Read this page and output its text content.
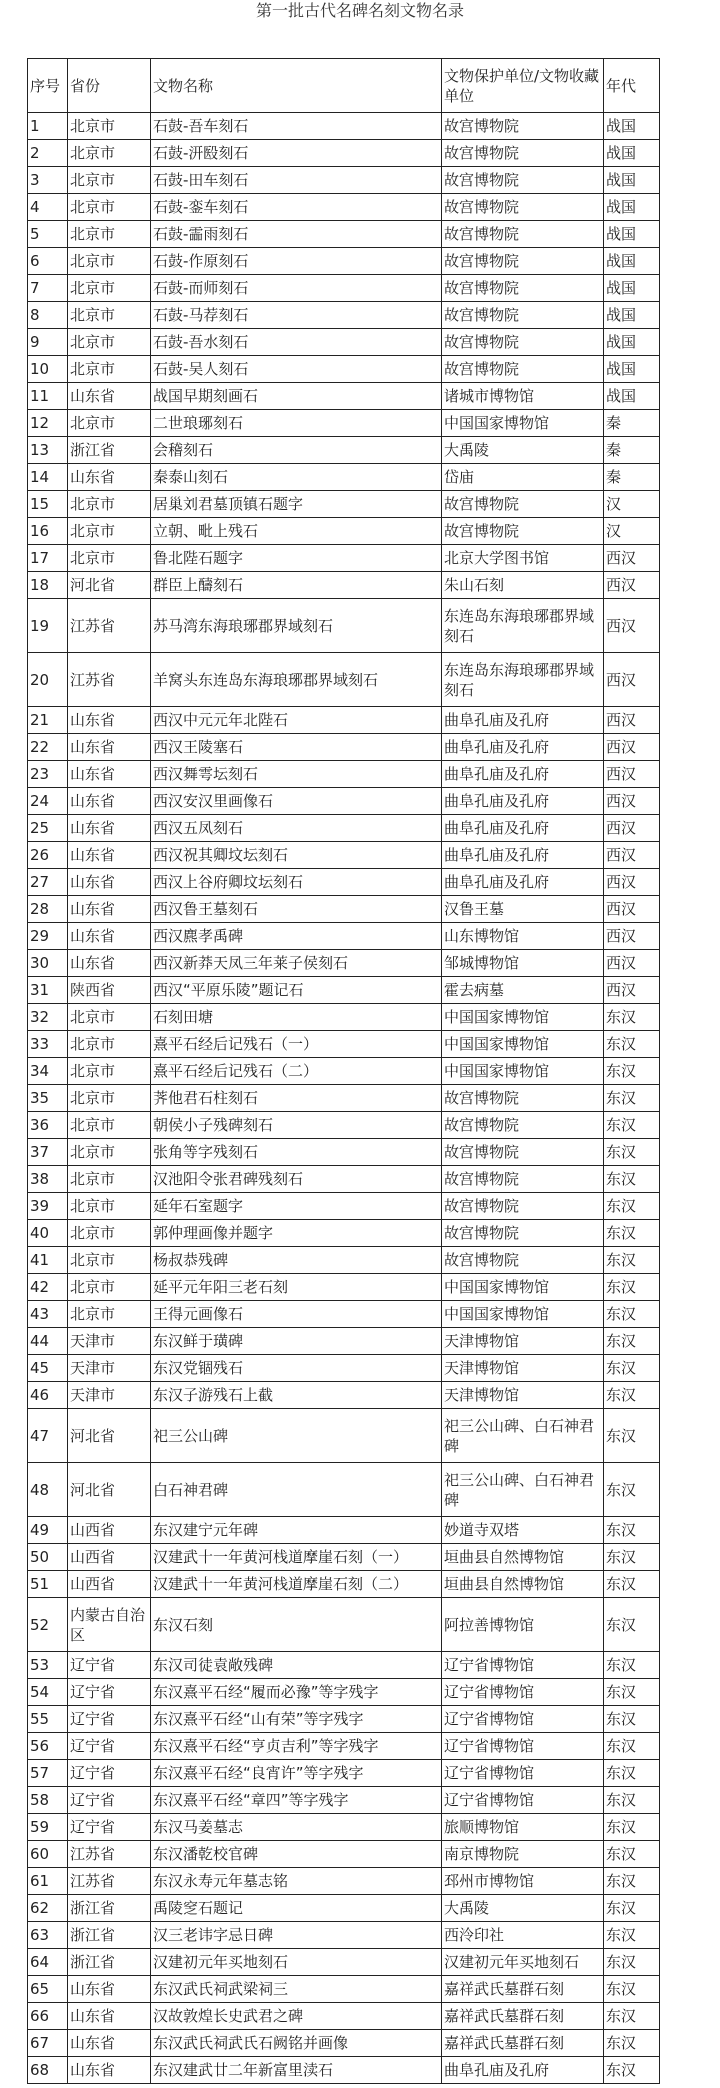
第一批古代名碑名刻文物名录
序号	省份	文物名称	文物保护单位/文物收藏单位	年代
1	北京市	石鼓-吾车刻石	故宫博物院	战国
2	北京市	石鼓-汧殹刻石	故宫博物院	战国
3	北京市	石鼓-田车刻石	故宫博物院	战国
4	北京市	石鼓-銮车刻石	故宫博物院	战国
5	北京市	石鼓-霝雨刻石	故宫博物院	战国
6	北京市	石鼓-作原刻石	故宫博物院	战国
7	北京市	石鼓-而师刻石	故宫博物院	战国
8	北京市	石鼓-马荐刻石	故宫博物院	战国
9	北京市	石鼓-吾水刻石	故宫博物院	战国
10	北京市	石鼓-吴人刻石	故宫博物院	战国
11	山东省	战国早期刻画石	诸城市博物馆	战国
12	北京市	二世琅琊刻石	中国国家博物馆	秦
13	浙江省	会稽刻石	大禹陵	秦
14	山东省	秦泰山刻石	岱庙	秦
15	北京市	居巢刘君墓顶镇石题字	故宫博物院	汉
16	北京市	立朝、毗上残石	故宫博物院	汉
17	北京市	鲁北陛石题字	北京大学图书馆	西汉
18	河北省	群臣上醻刻石	朱山石刻	西汉
19	江苏省	苏马湾东海琅琊郡界域刻石	东连岛东海琅琊郡界域刻石	西汉
20	江苏省	羊窝头东连岛东海琅琊郡界域刻石	东连岛东海琅琊郡界域刻石	西汉
21	山东省	西汉中元元年北陛石	曲阜孔庙及孔府	西汉
22	山东省	西汉王陵塞石	曲阜孔庙及孔府	西汉
23	山东省	西汉舞雩坛刻石	曲阜孔庙及孔府	西汉
24	山东省	西汉安汉里画像石	曲阜孔庙及孔府	西汉
25	山东省	西汉五凤刻石	曲阜孔庙及孔府	西汉
26	山东省	西汉祝其卿坟坛刻石	曲阜孔庙及孔府	西汉
27	山东省	西汉上谷府卿坟坛刻石	曲阜孔庙及孔府	西汉
28	山东省	西汉鲁王墓刻石	汉鲁王墓	西汉
29	山东省	西汉麃孝禹碑	山东博物馆	西汉
30	山东省	西汉新莽天凤三年莱子侯刻石	邹城博物馆	西汉
31	陕西省	西汉“平原乐陵”题记石	霍去病墓	西汉
32	北京市	石刻田塘	中国国家博物馆	东汉
33	北京市	熹平石经后记残石（一）	中国国家博物馆	东汉
34	北京市	熹平石经后记残石（二）	中国国家博物馆	东汉
35	北京市	荠他君石柱刻石	故宫博物院	东汉
36	北京市	朝侯小子残碑刻石	故宫博物院	东汉
37	北京市	张角等字残刻石	故宫博物院	东汉
38	北京市	汉池阳令张君碑残刻石	故宫博物院	东汉
39	北京市	延年石室题字	故宫博物院	东汉
40	北京市	郭仲理画像并题字	故宫博物院	东汉
41	北京市	杨叔恭残碑	故宫博物院	东汉
42	北京市	延平元年阳三老石刻	中国国家博物馆	东汉
43	北京市	王得元画像石	中国国家博物馆	东汉
44	天津市	东汉鲜于璜碑	天津博物馆	东汉
45	天津市	东汉党锢残石	天津博物馆	东汉
46	天津市	东汉子游残石上截	天津博物馆	东汉
47	河北省	祀三公山碑	祀三公山碑、白石神君碑	东汉
48	河北省	白石神君碑	祀三公山碑、白石神君碑	东汉
49	山西省	东汉建宁元年碑	妙道寺双塔	东汉
50	山西省	汉建武十一年黄河栈道摩崖石刻（一）	垣曲县自然博物馆	东汉
51	山西省	汉建武十一年黄河栈道摩崖石刻（二）	垣曲县自然博物馆	东汉
52	内蒙古自治区	东汉石刻	阿拉善博物馆	东汉
53	辽宁省	东汉司徒袁敞残碑	辽宁省博物馆	东汉
54	辽宁省	东汉熹平石经“履而必豫”等字残字	辽宁省博物馆	东汉
55	辽宁省	东汉熹平石经“山有荣”等字残字	辽宁省博物馆	东汉
56	辽宁省	东汉熹平石经“亨贞吉利”等字残字	辽宁省博物馆	东汉
57	辽宁省	东汉熹平石经“良宵许”等字残字	辽宁省博物馆	东汉
58	辽宁省	东汉熹平石经“章四”等字残字	辽宁省博物馆	东汉
59	辽宁省	东汉马姜墓志	旅顺博物馆	东汉
60	江苏省	东汉潘乾校官碑	南京博物院	东汉
61	江苏省	东汉永寿元年墓志铭	邳州市博物馆	东汉
62	浙江省	禹陵窆石题记	大禹陵	东汉
63	浙江省	汉三老讳字忌日碑	西泠印社	东汉
64	浙江省	汉建初元年买地刻石	汉建初元年买地刻石	东汉
65	山东省	东汉武氏祠武梁祠三	嘉祥武氏墓群石刻	东汉
66	山东省	汉故敦煌长史武君之碑	嘉祥武氏墓群石刻	东汉
67	山东省	东汉武氏祠武氏石阙铭并画像	嘉祥武氏墓群石刻	东汉
68	山东省	东汉建武廿二年新富里渎石	曲阜孔庙及孔府	东汉
